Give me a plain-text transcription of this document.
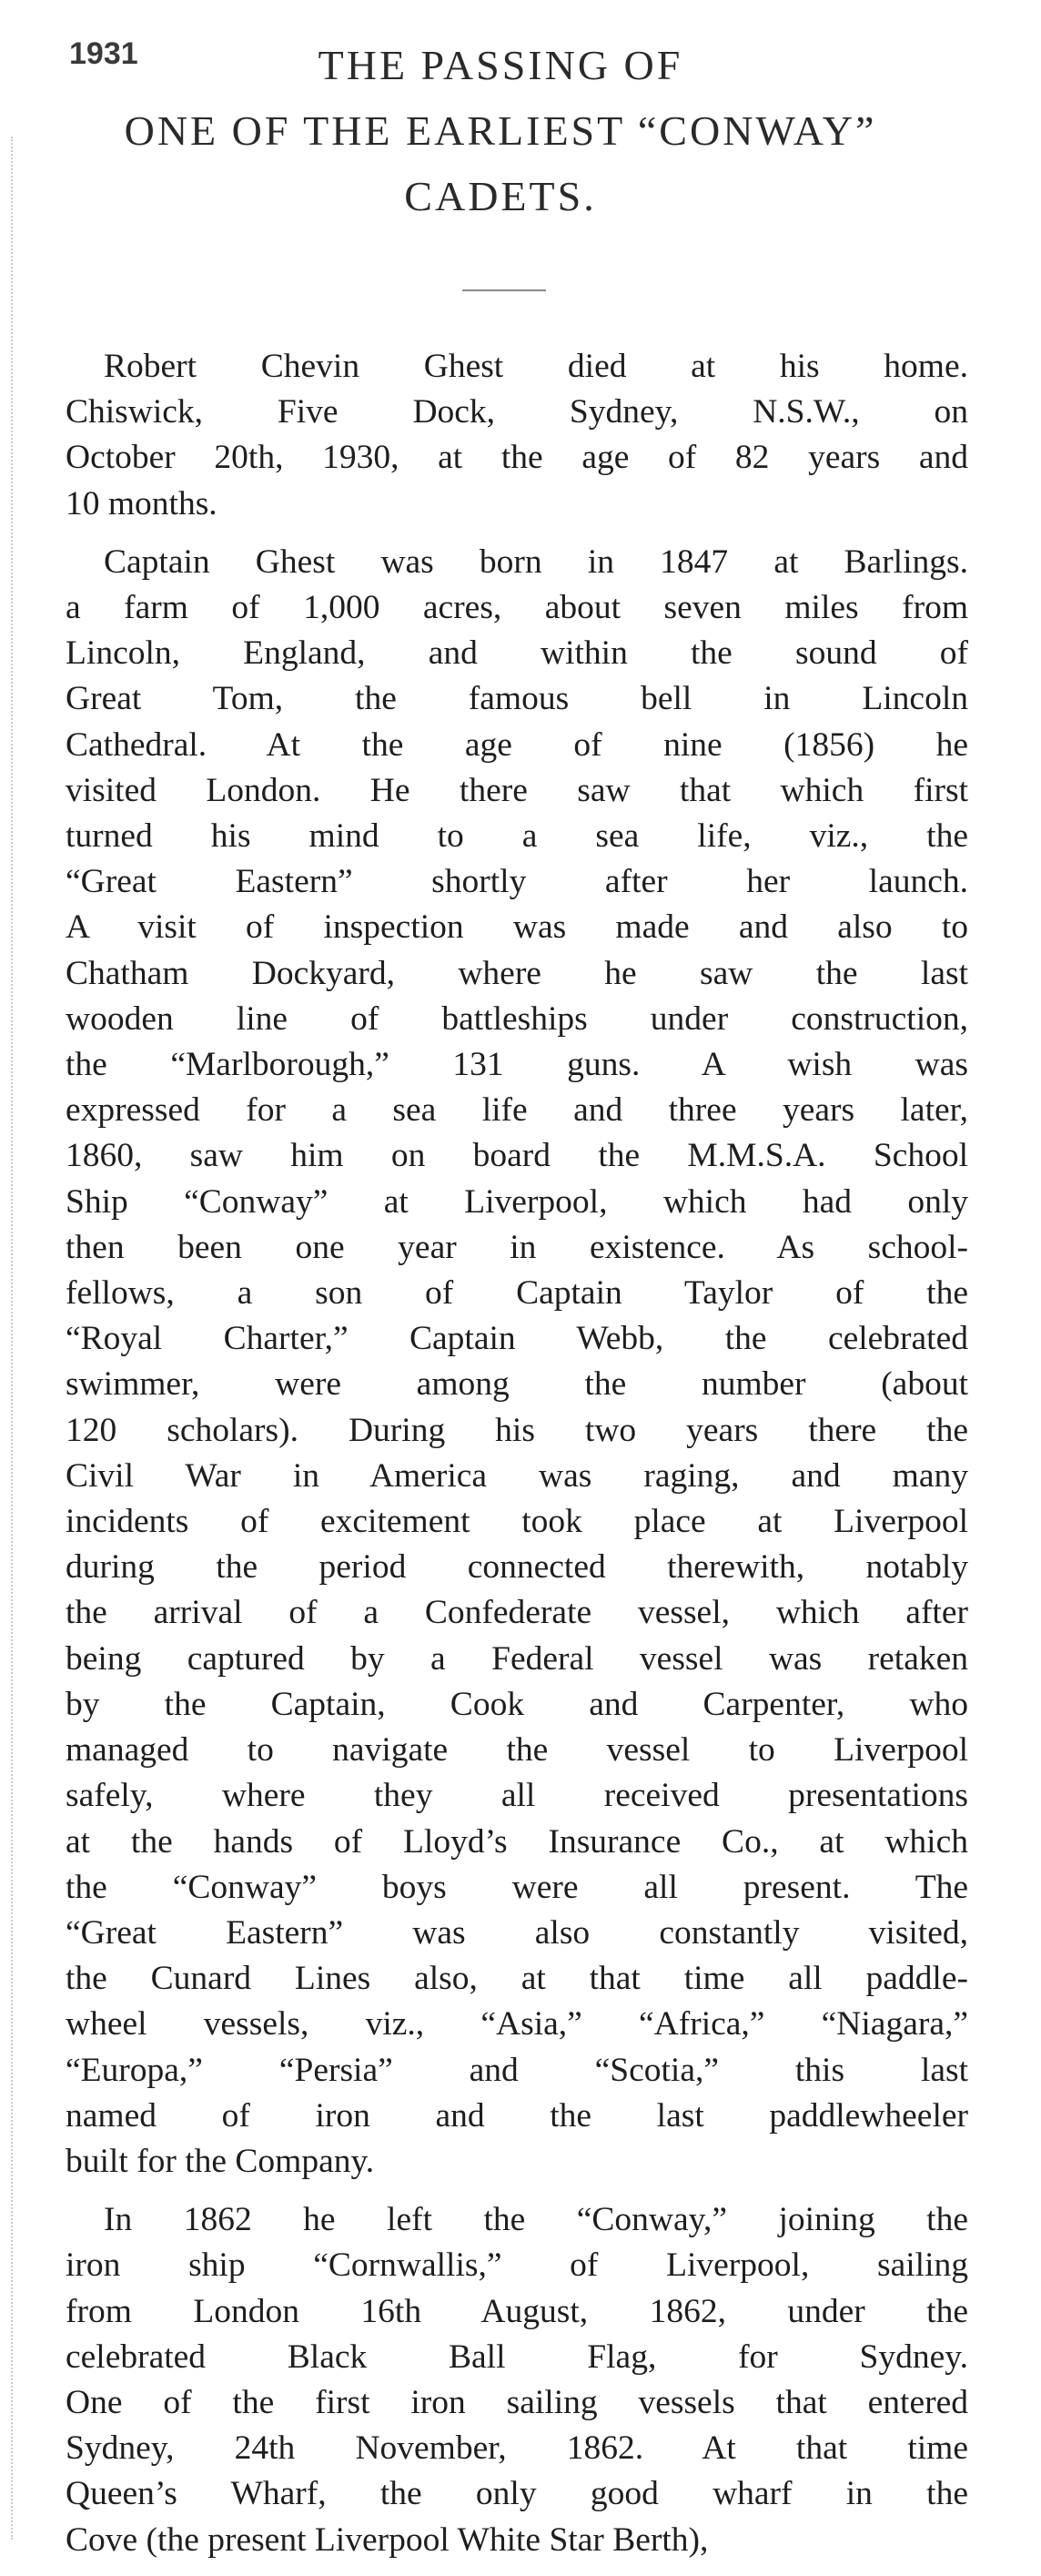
1931	THE PASSING OF
ONE OF THE EARLIEST “CONWAY”
CADETS.
Robert Chevin Ghest died at his home.
Chiswick, Five Dock, Sydney, N.S.W., on
October 20th, 1930, at the age of 82 years and
10 months.
Captain Ghest was born in 1847 at Barlings.
a farm of 1,000 acres, about seven miles from
Lincoln, England, and within the sound of
Great Tom, the famous bell in Lincoln
Cathedral. At the age of nine (1856) he
visited London. He there saw that which first
turned his mind to a sea life, viz., the
“Great Eastern” shortly after her launch.
A visit of inspection was made and also to
Chatham Dockyard, where he saw the last
wooden line of battleships under construction,
the “Marlborough,” 131 guns. A wish was
expressed for a sea life and three years later,
1860, saw him on board the M.M.S.A. School
Ship “Conway” at Liverpool, which had only
then been one year in existence. As school-
fellows, a son of Captain Taylor of the
“Royal Charter,” Captain Webb, the celebrated
swimmer, were among the number (about
120 scholars). During his two years there the
Civil War in America was raging, and many
incidents of excitement took place at Liverpool
during the period connected therewith, notably
the arrival of a Confederate vessel, which after
being captured by a Federal vessel was retaken
by the Captain, Cook and Carpenter, who
managed to navigate the vessel to Liverpool
safely, where they all received presentations
at the hands of Lloyd’s Insurance Co., at which
the “Conway” boys were all present. The
“Great Eastern” was also constantly visited,
the Cunard Lines also, at that time all paddle-
wheel vessels, viz., “Asia,” “Africa,” “Niagara,”
“Europa,” “Persia” and “Scotia,” this last
named of iron and the last paddlewheeler
built for the Company.
In 1862 he left the “Conway,” joining the
iron ship “Cornwallis,” of Liverpool, sailing
from London 16th August, 1862, under the
celebrated Black Ball Flag, for Sydney.
One of the first iron sailing vessels that entered
Sydney, 24th November, 1862. At that time
Queen’s Wharf, the only good wharf in the
Cove (the present Liverpool White Star Berth),
